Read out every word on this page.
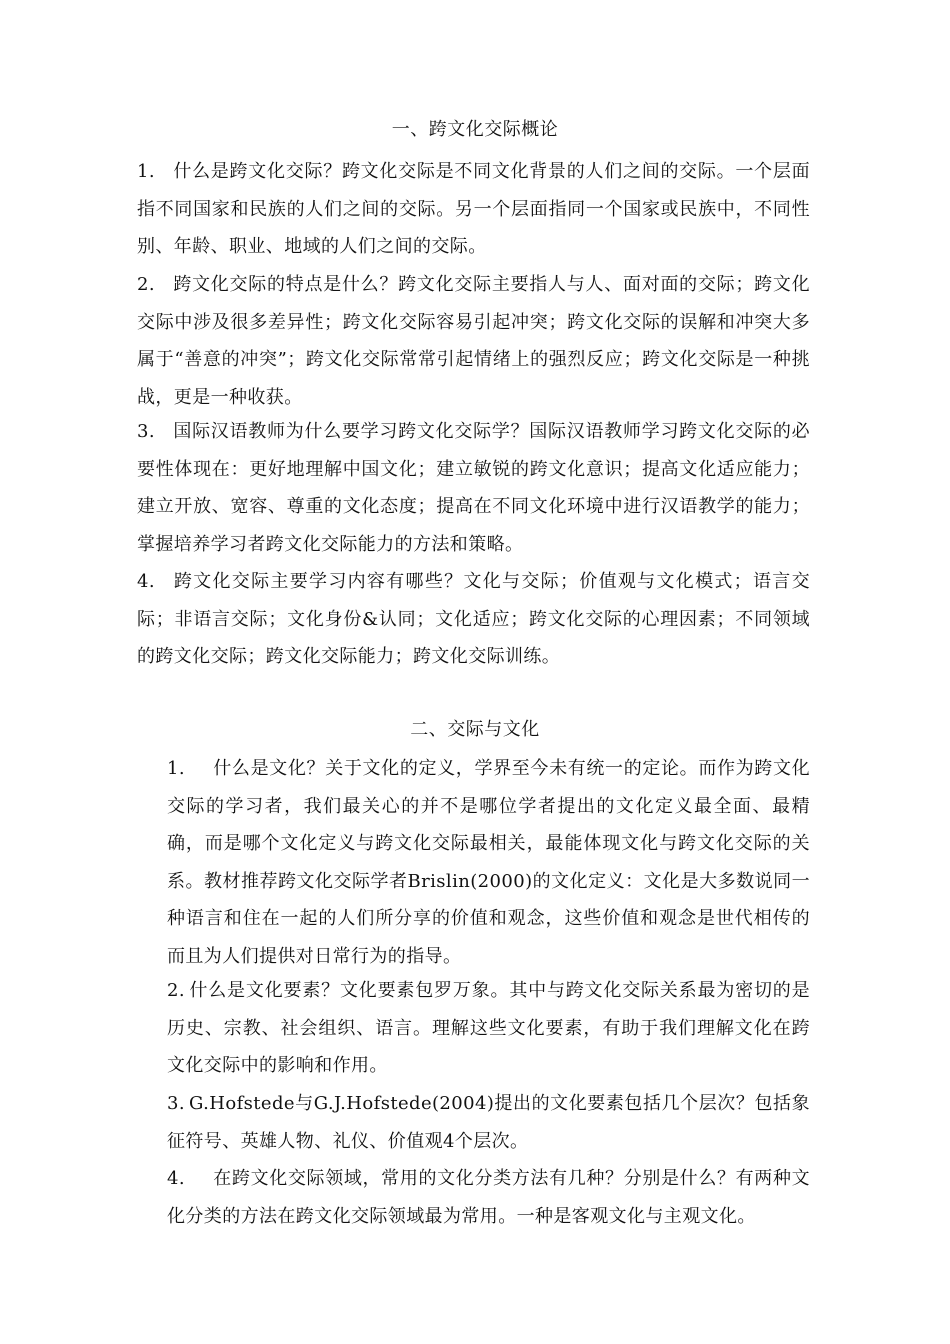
一、跨文化交际概论

1. 什么是跨文化交际？跨文化交际是不同文化背景的人们之间的交际。一个层面指不同国家和民族的人们之间的交际。另一个层面指同一个国家或民族中，不同性别、年龄、职业、地域的人们之间的交际。

2. 跨文化交际的特点是什么？跨文化交际主要指人与人、面对面的交际；跨文化交际中涉及很多差异性；跨文化交际容易引起冲突；跨文化交际的误解和冲突大多属于“善意的冲突”；跨文化交际常常引起情绪上的强烈反应；跨文化交际是一种挑战，更是一种收获。

3. 国际汉语教师为什么要学习跨文化交际学？国际汉语教师学习跨文化交际的必要性体现在：更好地理解中国文化；建立敏锐的跨文化意识；提高文化适应能力；建立开放、宽容、尊重的文化态度；提高在不同文化环境中进行汉语教学的能力；掌握培养学习者跨文化交际能力的方法和策略。

4. 跨文化交际主要学习内容有哪些？文化与交际；价值观与文化模式；语言交际；非语言交际；文化身份&认同；文化适应；跨文化交际的心理因素；不同领域的跨文化交际；跨文化交际能力；跨文化交际训练。

二、交际与文化

1. 什么是文化？关于文化的定义，学界至今未有统一的定论。而作为跨文化交际的学习者，我们最关心的并不是哪位学者提出的文化定义最全面、最精确，而是哪个文化定义与跨文化交际最相关，最能体现文化与跨文化交际的关系。教材推荐跨文化交际学者Brislin(2000)的文化定义：文化是大多数说同一种语言和住在一起的人们所分享的价值和观念，这些价值和观念是世代相传的而且为人们提供对日常行为的指导。

2. 什么是文化要素？文化要素包罗万象。其中与跨文化交际关系最为密切的是历史、宗教、社会组织、语言。理解这些文化要素，有助于我们理解文化在跨文化交际中的影响和作用。

3. G.Hofstede与G.J.Hofstede(2004)提出的文化要素包括几个层次？包括象征符号、英雄人物、礼仪、价值观4个层次。

4. 在跨文化交际领域，常用的文化分类方法有几种？分别是什么？有两种文化分类的方法在跨文化交际领域最为常用。一种是客观文化与主观文化。
